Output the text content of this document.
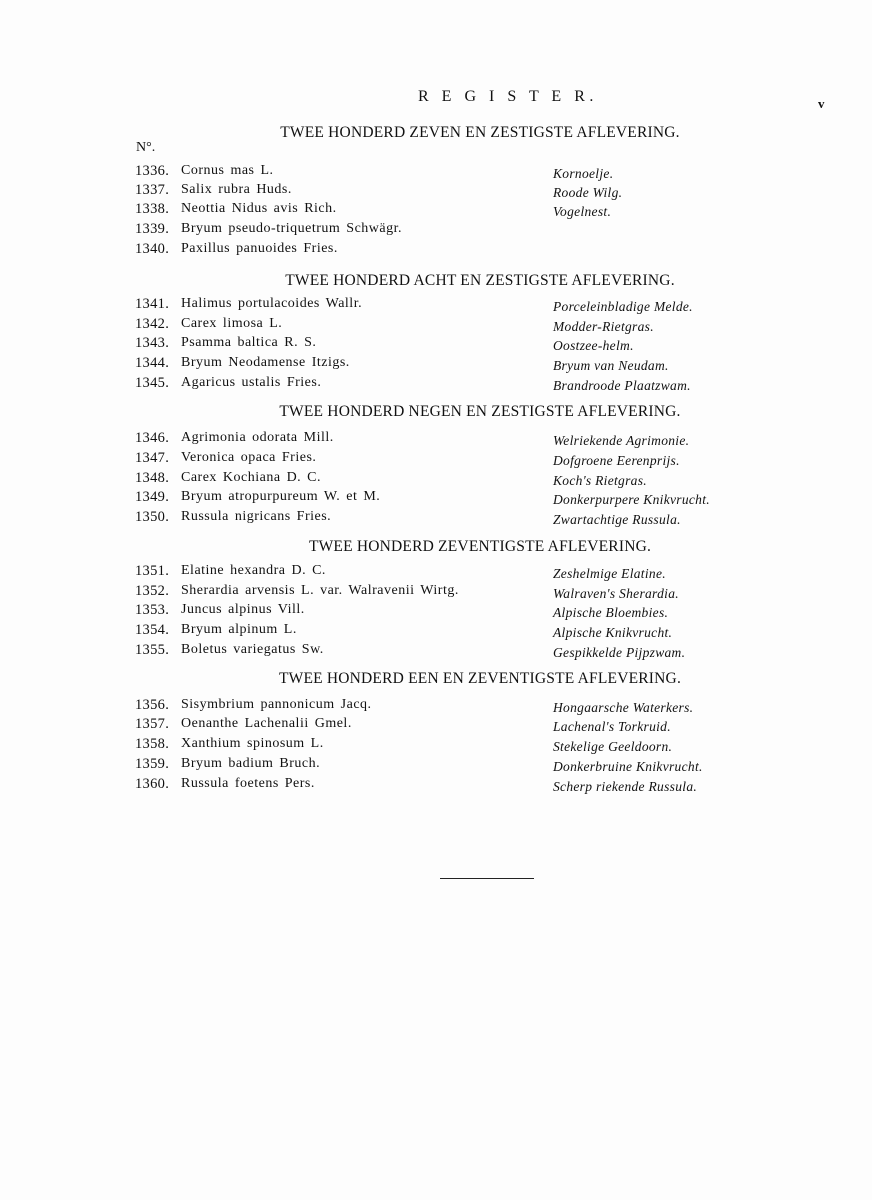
R E G I S T E R.	v
N°.
TWEE HONDERD ZEVEN EN ZESTIGSTE AFLEVERING.
1336. Cornus mas L.	Kornoelje.
1337. Salix rubra Huds.	Roode Wilg.
1338. Neottia Nidus avis Rich.	Vogelnest.
1339. Bryum pseudo-triquetrum Schwägr.
1340. Paxillus panuoides Fries.
TWEE HONDERD ACHT EN ZESTIGSTE AFLEVERING.
1341. Halimus portulacoides Wallr.	Porceleinbladige Melde.
1342. Carex limosa L.	Modder-Rietgras.
1343. Psamma baltica R. S.	Oostzee-helm.
1344. Bryum Neodamense Itzigs.	Bryum van Neudam.
1345. Agaricus ustalis Fries.	Brandroode Plaatzwam.
TWEE HONDERD NEGEN EN ZESTIGSTE AFLEVERING.
1346. Agrimonia odorata Mill.	Welriekende Agrimonie.
1347. Veronica opaca Fries.	Dofgroene Eerenprijs.
1348. Carex Kochiana D. C.	Koch's Rietgras.
1349. Bryum atropurpureum W. et M.	Donkerpurpere Knikvrucht.
1350. Russula nigricans Fries.	Zwartachtige Russula.
TWEE HONDERD ZEVENTIGSTE AFLEVERING.
1351. Elatine hexandra D. C.	Zeshelmige Elatine.
1352. Sherardia arvensis L. var. Walravenii Wirtg.	Walraven's Sherardia.
1353. Juncus alpinus Vill.	Alpische Bloembies.
1354. Bryum alpinum L.	Alpische Knikvrucht.
1355. Boletus variegatus Sw.	Gespikkelde Pijpzwam.
TWEE HONDERD EEN EN ZEVENTIGSTE AFLEVERING.
1356. Sisymbrium pannonicum Jacq.	Hongaarsche Waterkers.
1357. Oenanthe Lachenalii Gmel.	Lachenal's Torkruid.
1358. Xanthium spinosum L.	Stekelige Geeldoorn.
1359. Bryum badium Bruch.	Donkerbruine Knikvrucht.
1360. Russula foetens Pers.	Scherp riekende Russula.
